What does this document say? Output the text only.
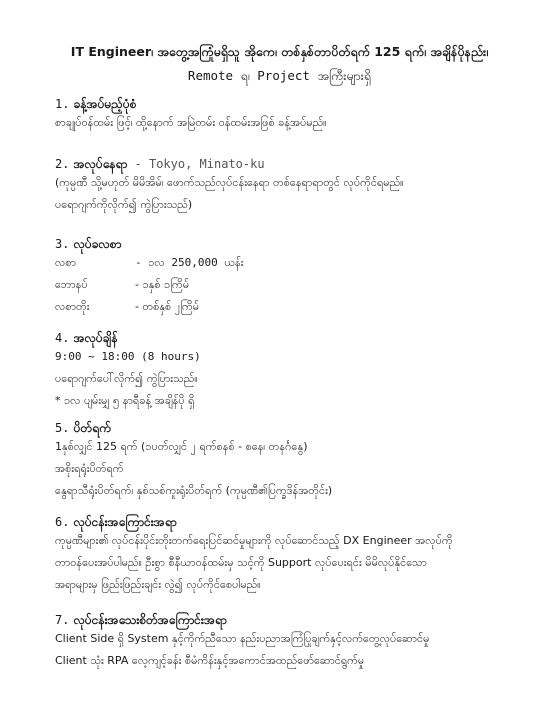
IT Engineer၊ အတွေ့အကြုံမရှိသူ အိုကေ၊ တစ်နှစ်တာပိတ်ရက် 125 ရက်၊ အချိန်ပိုနည်း၊
Remote ရ၊ Project အကြီးများရှိ
1. ခန့်အပ်မည့်ပုံစံ
စာချုပ်ဝန်ထမ်း ဖြင့်၊ ထို့နောက် အမြဲတမ်း ဝန်ထမ်းအဖြစ် ခန့်အပ်မည်။
2. အလုပ်နေရာ - Tokyo, Minato-ku
(ကုမ္ပဏီ သို့မဟုတ် မိမိအိမ်၊ ဖောက်သည်လုပ်ငန်းနေရာ တစ်နေရာရာတွင် လုပ်ကိုင်ရမည်။
ပရောဂျက်ကိုလိုက်၍ ကွဲပြားသည်)
3. လုပ်ခလစာ
လစာ	- ၁လ 250,000 ယန်း
ဘောနပ်	- ၁နှစ် ၁ကြိမ်
လစာတိုး	- တစ်နှစ် ၂ကြိမ်
4. အလုပ်ချိန်
9:00 ~ 18:00 (8 hours)
ပရောဂျက်ပေါ်လိုက်၍ ကွဲပြားသည်။
* ၁လ ပျမ်းမျှ ၅ နာရီခန့် အချိန်ပို ရှိ
5. ပိတ်ရက်
1နှစ်လျှင် 125 ရက် (၁ပတ်လျှင် ၂ ရက်စနစ် - စနေ၊ တနင်္ဂနွေ)
အစိုးရရုံးပိတ်ရက်
နွေရာသီရုံးပိတ်ရက်၊ နှစ်သစ်ကူးရုံးပိတ်ရက် (ကုမ္ပဏီ၏ပြက္ခဒိန်အတိုင်း)
6. လုပ်ငန်းအကြောင်းအရာ
ကုမ္ပဏီများ၏ လုပ်ငန်းပိုင်းတိုးတက်ရေးပြင်ဆင်မှုများကို လုပ်ဆောင်သည့် DX Engineer အလုပ်ကို
တာဝန်ပေးအပ်ပါမည်။ ဦးစွာ စီနီယာဝန်ထမ်းမှ သင့်ကို Support လုပ်ပေးရင်း မိမိလုပ်နိုင်သော
အရာများမှ ဖြည်းဖြည်းချင်း လွဲ၍ လုပ်ကိုင်စေပါမည်။
7. လုပ်ငန်းအသေးစိတ်အကြောင်းအရာ
Client Side ရှိ System နှင့်ကိုက်ညီသော နည်းပညာအကြံပြုချက်နှင့်လက်တွေ့လုပ်ဆောင်မှု
Client သုံး RPA လေ့ကျင့်ခန်း စီမံကိန်းနှင့်အကောင်အထည်ဖော်ဆောင်ရွက်မှု
